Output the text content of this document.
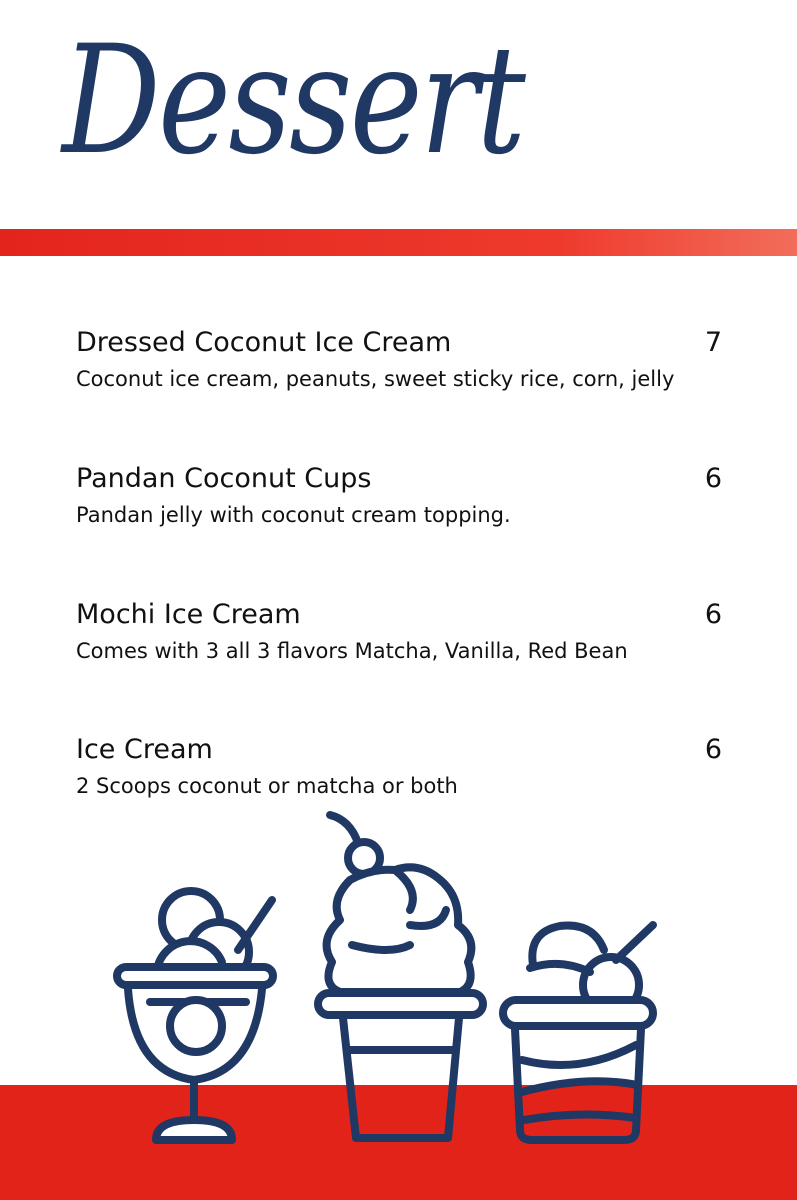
Dessert
Dressed Coconut Ice Cream	7
Coconut ice cream, peanuts, sweet sticky rice, corn, jelly
Pandan Coconut Cups	6
Pandan jelly with coconut cream topping.
Mochi Ice Cream	6
Comes with 3 all 3 flavors Matcha, Vanilla, Red Bean
Ice Cream	6
2 Scoops coconut or matcha or both
